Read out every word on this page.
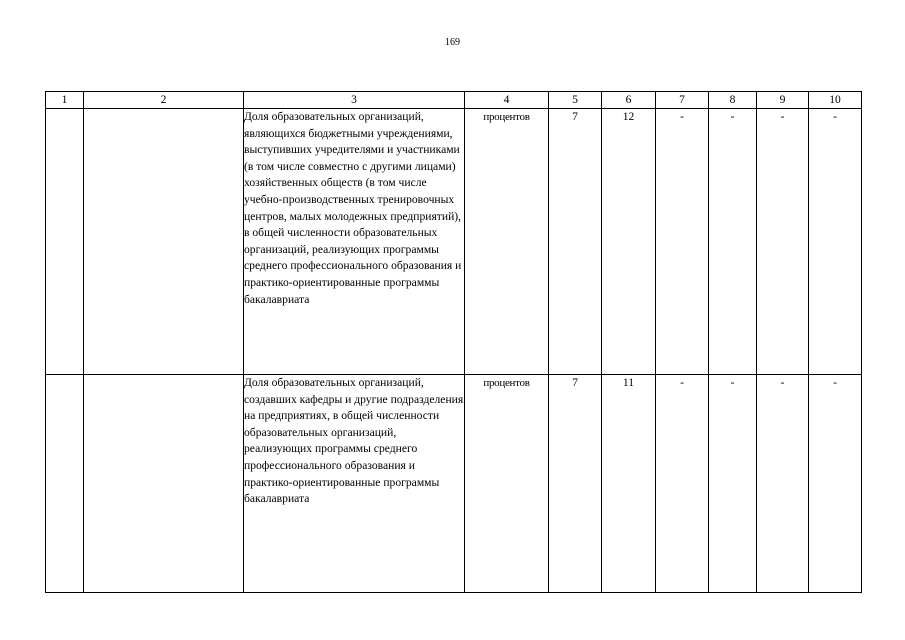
169
1	2	3	4	5	6	7	8	9	10

		Доля образовательных организаций, являющихся бюджетными учреждениями, выступивших учредителями и участниками (в том числе совместно с другими лицами) хозяйственных обществ (в том числе учебно-производственных тренировочных центров, малых молодежных предприятий), в общей численности образовательных организаций, реализующих программы среднего профессионального образования и практико-ориентированные программы бакалавриата	процентов	7	12	-	-	-	-

		Доля образовательных организаций, создавших кафедры и другие подразделения на предприятиях, в общей численности образовательных организаций, реализующих программы среднего профессионального образования и практико-ориентированные программы бакалавриата	процентов	7	11	-	-	-	-
